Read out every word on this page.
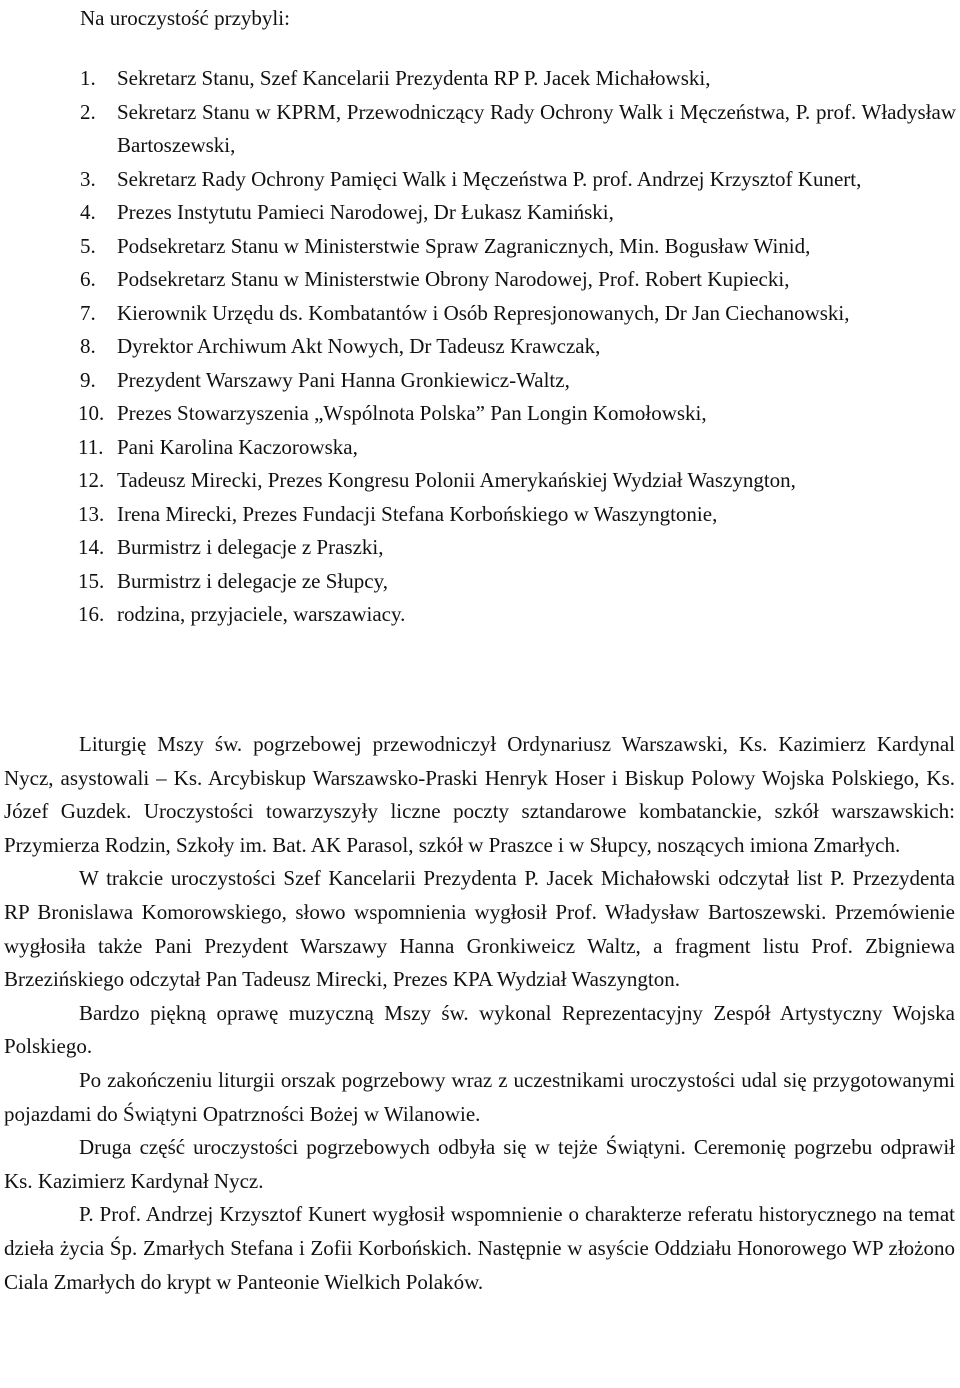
Na uroczystość przybyli:

1. Sekretarz Stanu, Szef Kancelarii Prezydenta RP P. Jacek Michałowski,
2. Sekretarz Stanu w KPRM, Przewodniczący Rady Ochrony Walk i Męczeństwa, P. prof. Władysław Bartoszewski,
3. Sekretarz Rady Ochrony Pamięci Walk i Męczeństwa P. prof. Andrzej Krzysztof Kunert,
4. Prezes Instytutu Pamieci Narodowej, Dr Łukasz Kamiński,
5. Podsekretarz Stanu w Ministerstwie Spraw Zagranicznych, Min. Bogusław Winid,
6. Podsekretarz Stanu w Ministerstwie Obrony Narodowej, Prof. Robert Kupiecki,
7. Kierownik Urzędu ds. Kombatantów i Osób Represjonowanych, Dr Jan Ciechanowski,
8. Dyrektor Archiwum Akt Nowych, Dr Tadeusz Krawczak,
9. Prezydent Warszawy Pani Hanna Gronkiewicz-Waltz,
10. Prezes Stowarzyszenia „Wspólnota Polska” Pan Longin Komołowski,
11. Pani Karolina Kaczorowska,
12. Tadeusz Mirecki, Prezes Kongresu Polonii Amerykańskiej Wydział Waszyngton,
13. Irena Mirecki, Prezes Fundacji Stefana Korbońskiego w Waszyngtonie,
14. Burmistrz i delegacje z Praszki,
15. Burmistrz i delegacje ze Słupcy,
16. rodzina, przyjaciele, warszawiacy.

Liturgię Mszy św. pogrzebowej przewodniczył Ordynariusz Warszawski, Ks. Kazimierz Kardynal Nycz, asystowali – Ks. Arcybiskup Warszawsko-Praski Henryk Hoser i Biskup Polowy Wojska Polskiego, Ks. Józef Guzdek. Uroczystości towarzyszyły liczne poczty sztandarowe kombatanckie, szkół warszawskich: Przymierza Rodzin, Szkoły im. Bat. AK Parasol, szkół w Praszce i w Słupcy, noszących imiona Zmarłych.

W trakcie uroczystości Szef Kancelarii Prezydenta P. Jacek Michałowski odczytał list P. Przezydenta RP Bronislawa Komorowskiego, słowo wspomnienia wygłosił Prof. Władysław Bartoszewski. Przemówienie wygłosiła także Pani Prezydent Warszawy Hanna Gronkiweicz Waltz, a fragment listu Prof. Zbigniewa Brzezińskiego odczytał Pan Tadeusz Mirecki, Prezes KPA Wydział Waszyngton.

Bardzo piękną oprawę muzyczną Mszy św. wykonal Reprezentacyjny Zespół Artystyczny Wojska Polskiego.

Po zakończeniu liturgii orszak pogrzebowy wraz z uczestnikami uroczystości udal się przygotowanymi pojazdami do Świątyni Opatrzności Bożej w Wilanowie.

Druga część uroczystości pogrzebowych odbyła się w tejże Świątyni. Ceremonię pogrzebu odprawił Ks. Kazimierz Kardynał Nycz.

P. Prof. Andrzej Krzysztof Kunert wygłosił wspomnienie o charakterze referatu historycznego na temat dzieła życia Śp. Zmarłych Stefana i Zofii Korbońskich. Następnie w asyście Oddziału Honorowego WP złożono Ciala Zmarłych do krypt w Panteonie Wielkich Polaków.
